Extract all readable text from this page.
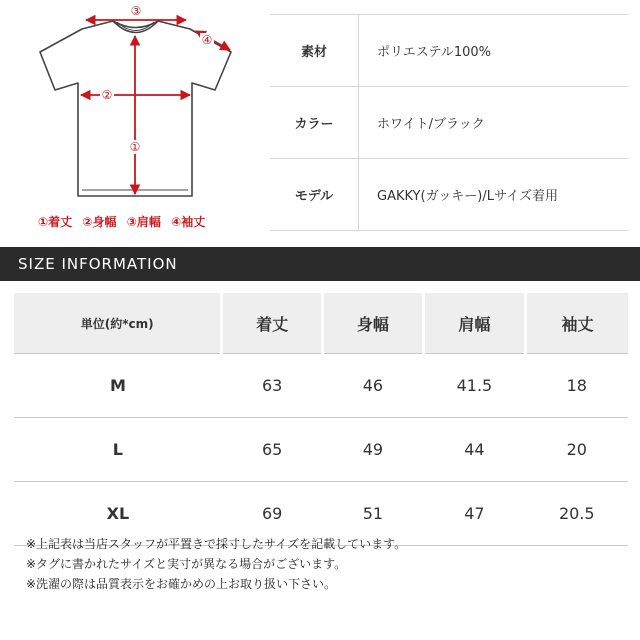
③
④
②
①
①着丈 ②身幅 ③肩幅 ④袖丈
素材	ポリエステル100%
カラー	ホワイト/ブラック
モデル	GAKKY(ガッキー)/Lサイズ着用
SIZE INFORMATION
単位(約*cm)	着丈	身幅	肩幅	袖丈
M	63	46	41.5	18
L	65	49	44	20
XL	69	51	47	20.5
※上記表は当店スタッフが平置きで採寸したサイズを記載しています。
※タグに書かれたサイズと実寸が異なる場合がございます。
※洗濯の際は品質表示をお確かめの上お取り扱い下さい。
